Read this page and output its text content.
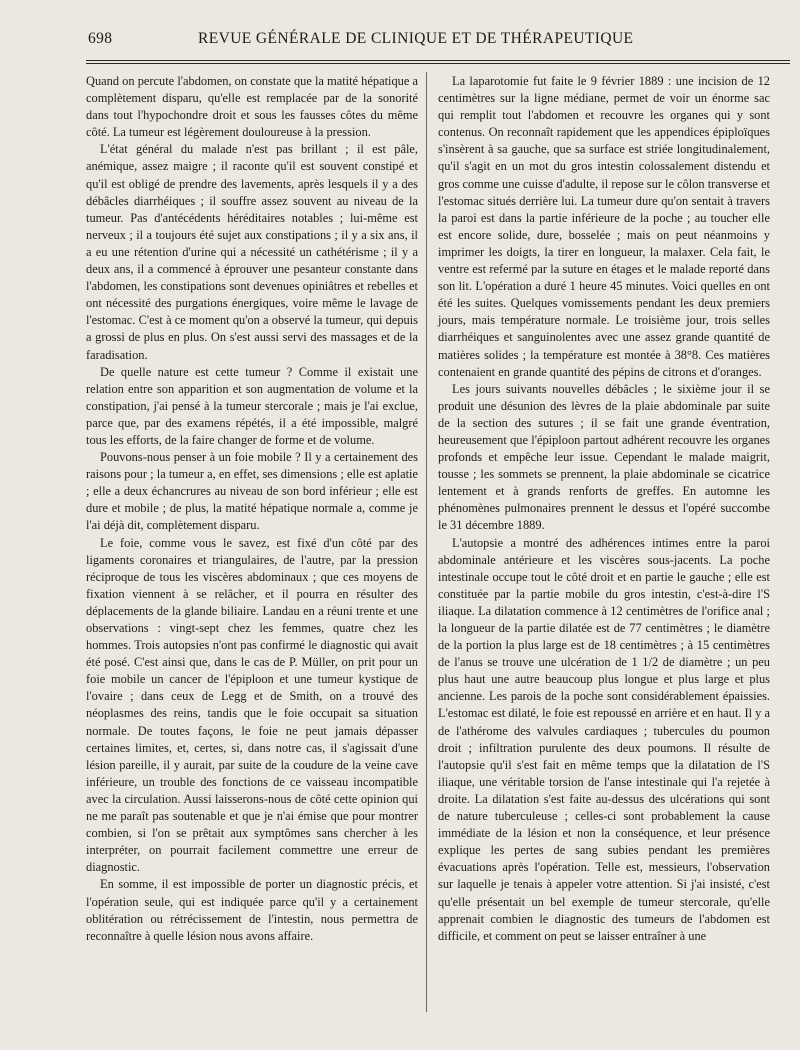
698	REVUE GÉNÉRALE DE CLINIQUE ET DE THÉRAPEUTIQUE

Quand on percute l'abdomen, on constate que la matité hépatique a complètement disparu, qu'elle est remplacée par de la sonorité dans tout l'hypochondre droit et sous les fausses côtes du même côté. La tumeur est légèrement douloureuse à la pression.

L'état général du malade n'est pas brillant ; il est pâle, anémique, assez maigre ; il raconte qu'il est souvent constipé et qu'il est obligé de prendre des lavements, après lesquels il y a des débâcles diarrhéiques ; il souffre assez souvent au niveau de la tumeur. Pas d'antécédents héréditaires notables ; lui-même est nerveux ; il a toujours été sujet aux constipations ; il y a six ans, il a eu une rétention d'urine qui a nécessité un cathétérisme ; il y a deux ans, il a commencé à éprouver une pesanteur constante dans l'abdomen, les constipations sont devenues opiniâtres et rebelles et ont nécessité des purgations énergiques, voire même le lavage de l'estomac. C'est à ce moment qu'on a observé la tumeur, qui depuis a grossi de plus en plus. On s'est aussi servi des massages et de la faradisation.

De quelle nature est cette tumeur ? Comme il existait une relation entre son apparition et son augmentation de volume et la constipation, j'ai pensé à la tumeur stercorale ; mais je l'ai exclue, parce que, par des examens répétés, il a été impossible, malgré tous les efforts, de la faire changer de forme et de volume.

Pouvons-nous penser à un foie mobile ? Il y a certainement des raisons pour ; la tumeur a, en effet, ses dimensions ; elle est aplatie ; elle a deux échancrures au niveau de son bord inférieur ; elle est dure et mobile ; de plus, la matité hépatique normale a, comme je l'ai déjà dit, complètement disparu.

Le foie, comme vous le savez, est fixé d'un côté par des ligaments coronaires et triangulaires, de l'autre, par la pression réciproque de tous les viscères abdominaux ; que ces moyens de fixation viennent à se relâcher, et il pourra en résulter des déplacements de la glande biliaire. Landau en a réuni trente et une observations : vingt-sept chez les femmes, quatre chez les hommes. Trois autopsies n'ont pas confirmé le diagnostic qui avait été posé. C'est ainsi que, dans le cas de P. Müller, on prit pour un foie mobile un cancer de l'épiploon et une tumeur kystique de l'ovaire ; dans ceux de Legg et de Smith, on a trouvé des néoplasmes des reins, tandis que le foie occupait sa situation normale. De toutes façons, le foie ne peut jamais dépasser certaines limites, et, certes, si, dans notre cas, il s'agissait d'une lésion pareille, il y aurait, par suite de la coudure de la veine cave inférieure, un trouble des fonctions de ce vaisseau incompatible avec la circulation. Aussi laisserons-nous de côté cette opinion qui ne me paraît pas soutenable et que je n'ai émise que pour montrer combien, si l'on se prêtait aux symptômes sans chercher à les interpréter, on pourrait facilement commettre une erreur de diagnostic.

En somme, il est impossible de porter un diagnostic précis, et l'opération seule, qui est indiquée parce qu'il y a certainement oblitération ou rétrécissement de l'intestin, nous permettra de reconnaître à quelle lésion nous avons affaire.

La laparotomie fut faite le 9 février 1889 : une incision de 12 centimètres sur la ligne médiane, permet de voir un énorme sac qui remplit tout l'abdomen et recouvre les organes qui y sont contenus. On reconnaît rapidement que les appendices épiploïques s'insèrent à sa gauche, que sa surface est striée longitudinalement, qu'il s'agit en un mot du gros intestin colossalement distendu et gros comme une cuisse d'adulte, il repose sur le côlon transverse et l'estomac situés derrière lui. La tumeur dure qu'on sentait à travers la paroi est dans la partie inférieure de la poche ; au toucher elle est encore solide, dure, bosselée ; mais on peut néanmoins y imprimer les doigts, la tirer en longueur, la malaxer. Cela fait, le ventre est refermé par la suture en étages et le malade reporté dans son lit. L'opération a duré 1 heure 45 minutes. Voici quelles en ont été les suites. Quelques vomissements pendant les deux premiers jours, mais température normale. Le troisième jour, trois selles diarrhéiques et sanguinolentes avec une assez grande quantité de matières solides ; la température est montée à 38°8. Ces matières contenaient en grande quantité des pépins de citrons et d'oranges.

Les jours suivants nouvelles débâcles ; le sixième jour il se produit une désunion des lèvres de la plaie abdominale par suite de la section des sutures ; il se fait une grande éventration, heureusement que l'épiploon partout adhérent recouvre les organes profonds et empêche leur issue. Cependant le malade maigrit, tousse ; les sommets se prennent, la plaie abdominale se cicatrice lentement et à grands renforts de greffes. En automne les phénomènes pulmonaires prennent le dessus et l'opéré succombe le 31 décembre 1889.

L'autopsie a montré des adhérences intimes entre la paroi abdominale antérieure et les viscères sous-jacents. La poche intestinale occupe tout le côté droit et en partie le gauche ; elle est constituée par la partie mobile du gros intestin, c'est-à-dire l'S iliaque. La dilatation commence à 12 centimètres de l'orifice anal ; la longueur de la partie dilatée est de 77 centimètres ; le diamètre de la portion la plus large est de 18 centimètres ; à 15 centimètres de l'anus se trouve une ulcération de 1 1/2 de diamètre ; un peu plus haut une autre beaucoup plus longue et plus large et plus ancienne. Les parois de la poche sont considérablement épaissies. L'estomac est dilaté, le foie est repoussé en arrière et en haut. Il y a de l'athérome des valvules cardiaques ; tubercules du poumon droit ; infiltration purulente des deux poumons. Il résulte de l'autopsie qu'il s'est fait en même temps que la dilatation de l'S iliaque, une véritable torsion de l'anse intestinale qui l'a rejetée à droite. La dilatation s'est faite au-dessus des ulcérations qui sont de nature tuberculeuse ; celles-ci sont probablement la cause immédiate de la lésion et non la conséquence, et leur présence explique les pertes de sang subies pendant les premières évacuations après l'opération. Telle est, messieurs, l'observation sur laquelle je tenais à appeler votre attention. Si j'ai insisté, c'est qu'elle présentait un bel exemple de tumeur stercorale, qu'elle apprenait combien le diagnostic des tumeurs de l'abdomen est difficile, et comment on peut se laisser entraîner à une
